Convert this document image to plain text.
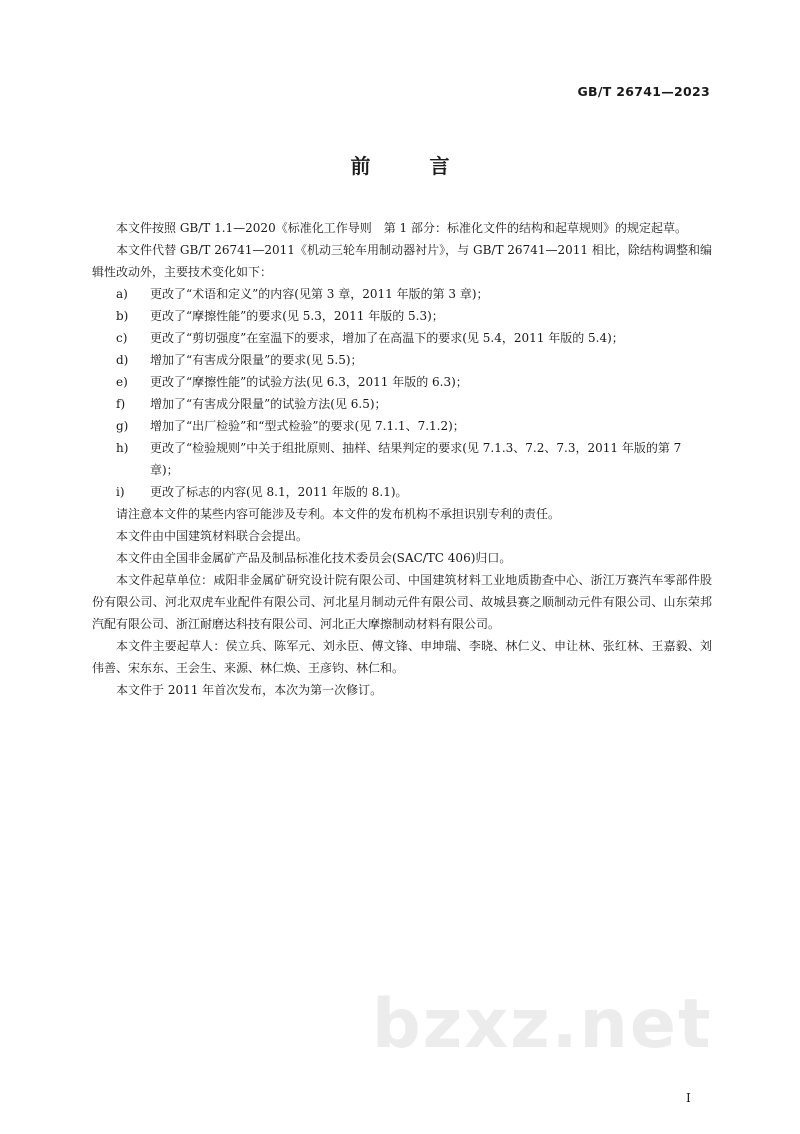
GB/T 26741—2023
前 言

本文件按照 GB/T 1.1—2020《标准化工作导则　第 1 部分：标准化文件的结构和起草规则》的规定起草。

本文件代替 GB/T 26741—2011《机动三轮车用制动器衬片》，与 GB/T 26741—2011 相比，除结构调整和编辑性改动外，主要技术变化如下：

a)	更改了“术语和定义”的内容(见第 3 章，2011 年版的第 3 章)；
b)	更改了“摩擦性能”的要求(见 5.3，2011 年版的 5.3)；
c)	更改了“剪切强度”在室温下的要求，增加了在高温下的要求(见 5.4，2011 年版的 5.4)；
d)	增加了“有害成分限量”的要求(见 5.5)；
e)	更改了“摩擦性能”的试验方法(见 6.3，2011 年版的 6.3)；
f)	增加了“有害成分限量”的试验方法(见 6.5)；
g)	增加了“出厂检验”和“型式检验”的要求(见 7.1.1、7.1.2)；
h)	更改了“检验规则”中关于组批原则、抽样、结果判定的要求(见 7.1.3、7.2、7.3，2011 年版的第 7 章)；
i)	更改了标志的内容(见 8.1，2011 年版的 8.1)。

请注意本文件的某些内容可能涉及专利。本文件的发布机构不承担识别专利的责任。

本文件由中国建筑材料联合会提出。

本文件由全国非金属矿产品及制品标准化技术委员会(SAC/TC 406)归口。

本文件起草单位：咸阳非金属矿研究设计院有限公司、中国建筑材料工业地质勘查中心、浙江万赛汽车零部件股份有限公司、河北双虎车业配件有限公司、河北星月制动元件有限公司、故城县赛之顺制动元件有限公司、山东荣邦汽配有限公司、浙江耐磨达科技有限公司、河北正大摩擦制动材料有限公司。

本文件主要起草人：侯立兵、陈军元、刘永臣、傅文锋、申坤瑞、李晓、林仁义、申让林、张红林、王嘉毅、刘伟善、宋东东、王会生、来源、林仁焕、王彦钧、林仁和。

本文件于 2011 年首次发布，本次为第一次修订。

bzxz.net
I
